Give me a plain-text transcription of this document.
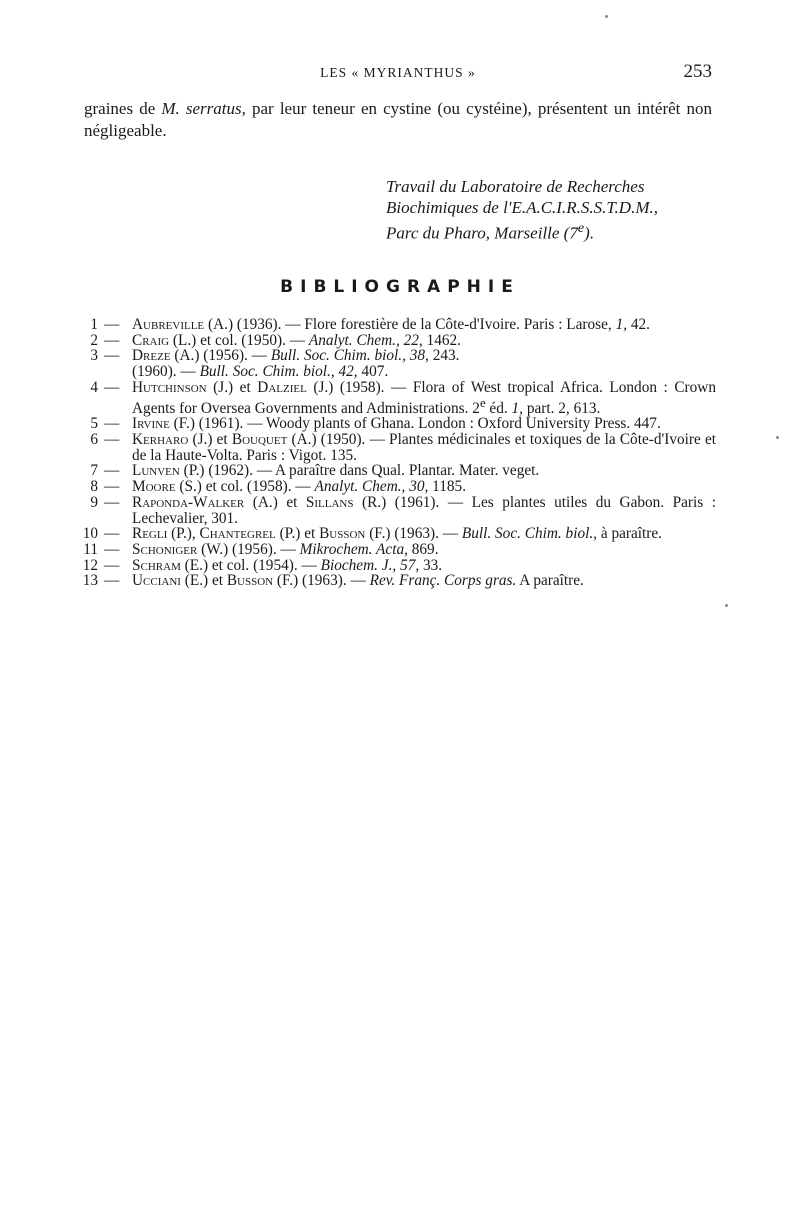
LES « MYRIANTHUS »	253

graines de M. serratus, par leur teneur en cystine (ou cystéine), présentent un intérêt non négligeable.

Travail du Laboratoire de Recherches
Biochimiques de l'E.A.C.I.R.S.S.T.D.M.,
Parc du Pharo, Marseille (7e).
BIBLIOGRAPHIE
1 — Aubreville (A.) (1936). — Flore forestière de la Côte-d'Ivoire. Paris : Larose, 1, 42.
2 — Craig (L.) et col. (1950). — Analyt. Chem., 22, 1462.
3 — Dreze (A.) (1956). — Bull. Soc. Chim. biol., 38, 243.
(1960). — Bull. Soc. Chim. biol., 42, 407.
4 — Hutchinson (J.) et Dalziel (J.) (1958). — Flora of West tropical Africa. London : Crown Agents for Oversea Governments and Administrations. 2e éd. 1, part. 2, 613.
5 — Irvine (F.) (1961). — Woody plants of Ghana. London : Oxford University Press. 447.
6 — Kerharo (J.) et Bouquet (A.) (1950). — Plantes médicinales et toxiques de la Côte-d'Ivoire et de la Haute-Volta. Paris : Vigot. 135.
7 — Lunven (P.) (1962). — A paraître dans Qual. Plantar. Mater. veget.
8 — Moore (S.) et col. (1958). — Analyt. Chem., 30, 1185.
9 — Raponda-Walker (A.) et Sillans (R.) (1961). — Les plantes utiles du Gabon. Paris : Lechevalier, 301.
10 — Regli (P.), Chantegrel (P.) et Busson (F.) (1963). — Bull. Soc. Chim. biol., à paraître.
11 — Schoniger (W.) (1956). — Mikrochem. Acta, 869.
12 — Schram (E.) et col. (1954). — Biochem. J., 57, 33.
13 — Ucciani (E.) et Busson (F.) (1963). — Rev. Franç. Corps gras. A paraître.
